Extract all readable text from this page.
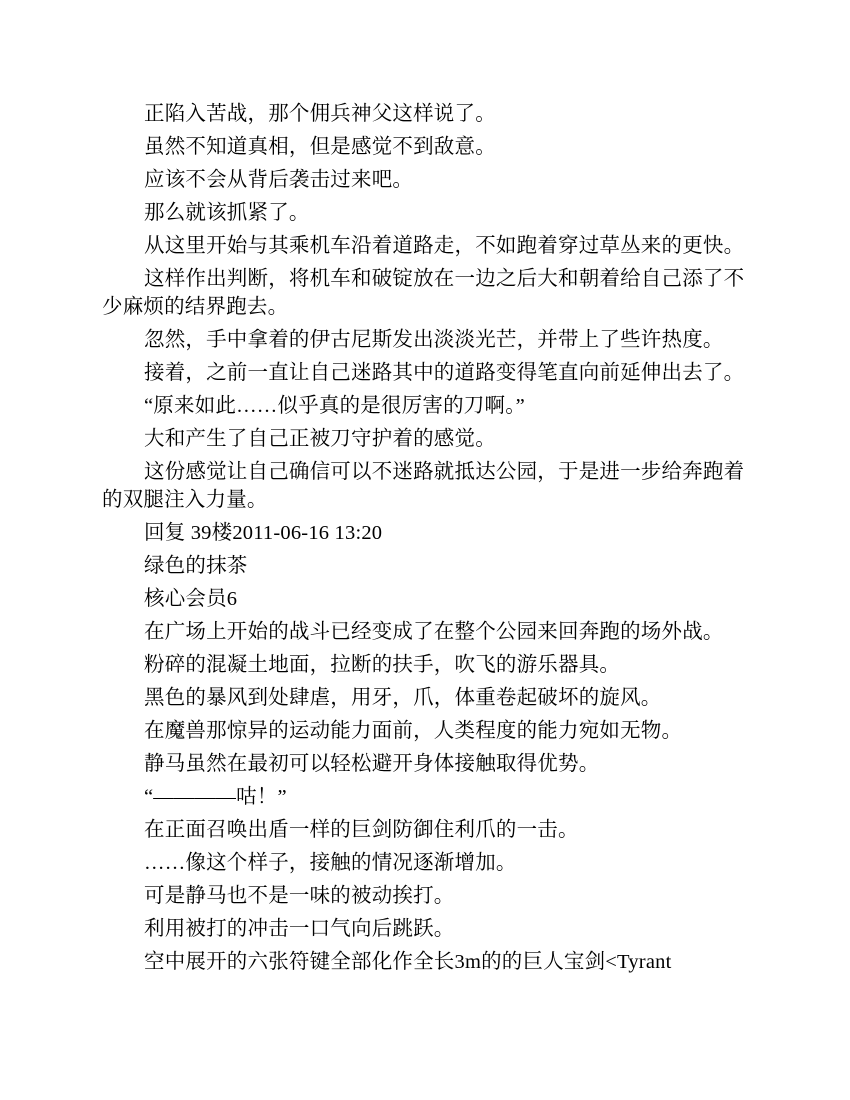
正陷入苦战，那个佣兵神父这样说了。

虽然不知道真相，但是感觉不到敌意。

应该不会从背后袭击过来吧。

那么就该抓紧了。

从这里开始与其乘机车沿着道路走，不如跑着穿过草丛来的更快。

这样作出判断，将机车和破锭放在一边之后大和朝着给自己添了不少麻烦的结界跑去。

忽然，手中拿着的伊古尼斯发出淡淡光芒，并带上了些许热度。

接着，之前一直让自己迷路其中的道路变得笔直向前延伸出去了。

“原来如此……似乎真的是很厉害的刀啊。”

大和产生了自己正被刀守护着的感觉。

这份感觉让自己确信可以不迷路就抵达公园，于是进一步给奔跑着的双腿注入力量。

回复 39楼2011-06-16 13:20

绿色的抹茶

核心会员6

在广场上开始的战斗已经变成了在整个公园来回奔跑的场外战。

粉碎的混凝土地面，拉断的扶手，吹飞的游乐器具。

黑色的暴风到处肆虐，用牙，爪，体重卷起破坏的旋风。

在魔兽那惊异的运动能力面前，人类程度的能力宛如无物。

静马虽然在最初可以轻松避开身体接触取得优势。

“————咕！”

在正面召唤出盾一样的巨剑防御住利爪的一击。

……像这个样子，接触的情况逐渐增加。

可是静马也不是一味的被动挨打。

利用被打的冲击一口气向后跳跃。

空中展开的六张符键全部化作全长3m的的巨人宝剑<Tyrant
